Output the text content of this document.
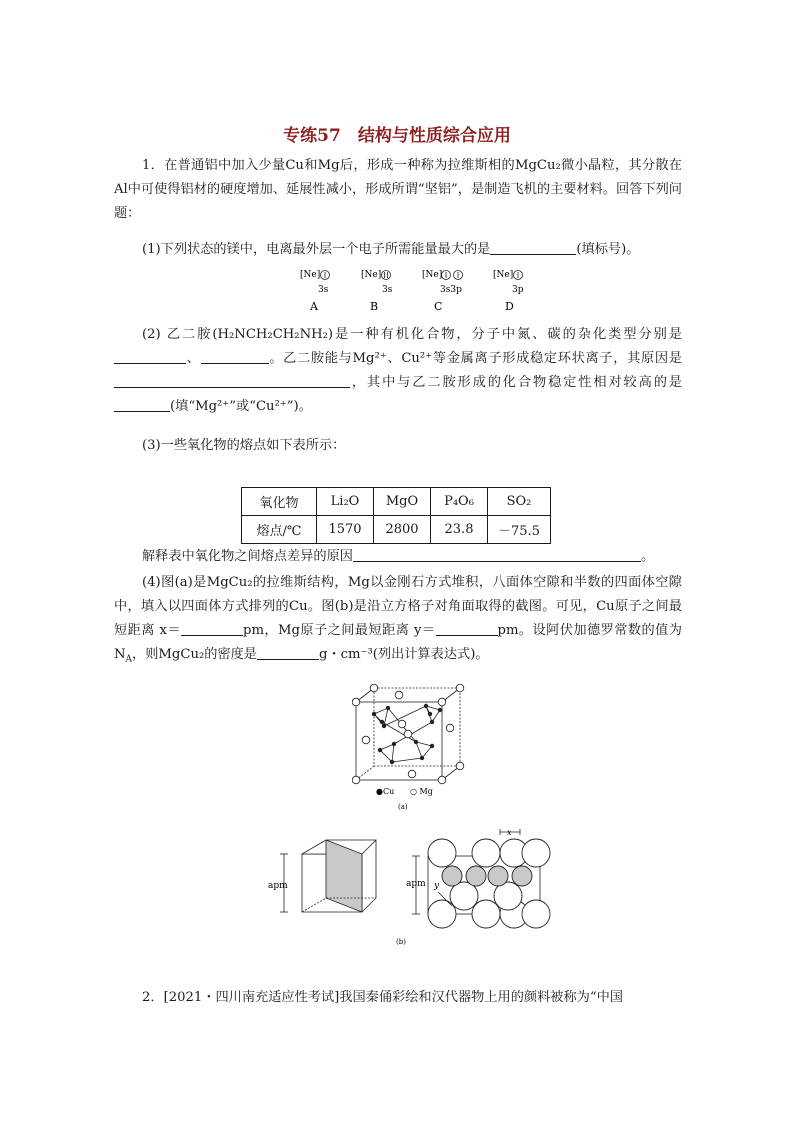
专练57　结构与性质综合应用
1．在普通铝中加入少量Cu和Mg后，形成一种称为拉维斯相的MgCu₂微小晶粒，其分散在Al中可使得铝材的硬度增加、延展性减小，形成所谓“坚铝”，是制造飞机的主要材料。回答下列问题：
(1)下列状态的镁中，电离最外层一个电子所需能量最大的是	(填标号)。
[Ne]
3s
A
[Ne]
3s
B
[Ne]
3s3p
C
[Ne]
3p
D
(2) 乙二胺(H₂NCH₂CH₂NH₂)是一种有机化合物，分子中氮、碳的杂化类型分别是、	。乙二胺能与Mg²⁺、Cu²⁺等金属离子形成稳定环状离子，其原因是，其中与乙二胺形成的化合物稳定性相对较高的是(填“Mg²⁺”或“Cu²⁺”)。
(3)一些氧化物的熔点如下表所示：
氧化物	Li₂O	MgO	P₄O₆	SO₂
熔点/℃	1570	2800	23.8	－75.5
解释表中氧化物之间熔点差异的原因	。
(4)图(a)是MgCu₂的拉维斯结构，Mg以金刚石方式堆积，八面体空隙和半数的四面体空隙中，填入以四面体方式排列的Cu。图(b)是沿立方格子对角面取得的截图。可见，Cu原子之间最短距离 x＝	pm，Mg原子之间最短距离 y＝	pm。设阿伏加德罗常数的值为 $N_A$，则MgCu₂的密度是	g・cm⁻³(列出计算表达式)。
●Cu ○ Mg
(a)
apm	apm y
x
(b)
2．[2021・四川南充适应性考试]我国秦俑彩绘和汉代器物上用的颜料被称为“中国
